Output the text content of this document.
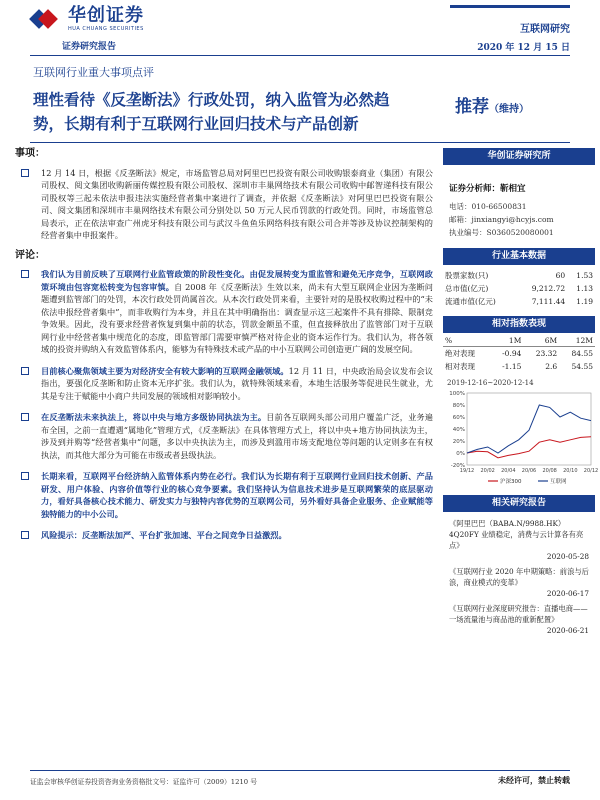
华创证券
HUA CHUANG SECURITIES
证券研究报告
互联网研究
2020 年 12 月 15 日
互联网行业重大事项点评
理性看待《反垄断法》行政处罚，纳入监管为必然趋势，长期有利于互联网行业回归技术与产品创新
推荐（维持）
事项：
12 月 14 日，根据《反垄断法》规定，市场监管总局对阿里巴巴投资有限公司收购银泰商业（集团）有限公司股权、阅文集团收购新丽传媒控股有限公司股权、深圳市丰巢网络技术有限公司收购中邮智递科技有限公司股权等三起未依法申报违法实施经营者集中案进行了调查，并依据《反垄断法》对阿里巴巴投资有限公司、阅文集团和深圳市丰巢网络技术有限公司分别处以 50 万元人民币罚款的行政处罚。同时，市场监管总局表示，正在依法审查广州虎牙科技有限公司与武汉斗鱼鱼乐网络科技有限公司合并等涉及协议控制架构的经营者集中申报案件。
评论：
我们认为目前反映了互联网行业监管政策的阶段性变化。由促发展转变为重监管和避免无序竞争，互联网政策环境由包容宽松转变为包容审慎。自 2008 年《反垄断法》生效以来，尚未有大型互联网企业因为垄断问题遭到监管部门的处罚，本次行政处罚尚属首次。从本次行政处罚来看，主要针对的是股权收购过程中的“未依法申报经营者集中”，而非收购行为本身，并且在其中明确指出：调查显示这三起案件不具有排除、限制竞争效果。因此，没有要求经营者恢复到集中前的状态，罚款金额虽不重，但直接释放出了监管部门对于互联网行业中经营者集中规范化的态度，即监管部门需要审慎严格对待企业的资本运作行为。我们认为，将各领域的投资并购纳入有效监管体系内，能够为有特殊技术或产品的中小互联网公司创造更广阔的发展空间。
目前核心聚焦领域主要为对经济安全有较大影响的互联网金融领域。12 月 11 日，中央政治局会议发布会议指出，要强化反垄断和防止资本无序扩张。我们认为，就特殊领域来看，本地生活服务等促进民生就业，尤其是专注于赋能中小商户共同发展的领域相对影响较小。
在反垄断法未来执法上，将以中央与地方多级协同执法为主。目前各互联网头部公司用户覆盖广泛，业务遍布全国，之前一直遭遇“属地化”管理方式，《反垄断法》在具体管理方式上，将以中央+地方协同执法为主，涉及到并购等“经营者集中”问题，多以中央执法为主，而涉及到滥用市场支配地位等问题的认定则多在有权执法，而其他大部分为可能在市级或者县级执法。
长期来看，互联网平台经济纳入监管体系内势在必行。我们认为长期有利于互联网行业回归技术创新、产品研发、用户体验、内容价值等行业的核心竞争要素。我们坚持认为信息技术进步是互联网繁荣的底层驱动力，看好具备核心技术能力、研发实力与独特内容优势的互联网公司，另外看好具备企业服务、企业赋能等独特能力的中小公司。
风险提示：反垄断法加严、平台扩张加速、平台之间竞争日益激烈。
华创证券研究所
证券分析师：靳相宜
电话：010-66500831
邮箱：jinxiangyi@hcyjs.com
执业编号：S0360520080001
行业基本数据
股票家数(只)	60	1.53
总市值(亿元)	9,212.72	1.13
流通市值(亿元)	7,111.44	1.19
相对指数表现
%	1M	6M	12M
绝对表现	-0.94	23.32	84.55
相对表现	-1.15	2.6	54.55
2019-12-16~2020-12-14
100%
80%
60%
40%
20%
0%
-20%
19/12 20/02 20/04 20/06 20/08 20/10 20/12
沪深300	互联网
相关研究报告
《阿里巴巴（BABA.N/9988.HK）4Q20FY 业绩稳定，消费与云计算各有亮点》
2020-05-28
《互联网行业 2020 年中期策略：前浪与后浪，商业模式的变革》
2020-06-17
《互联网行业深度研究报告：直播电商——一场流量池与商品池的重新配置》
2020-06-21
证监会审核华创证券投资咨询业务资格批文号：证监许可（2009）1210 号	未经许可，禁止转载
